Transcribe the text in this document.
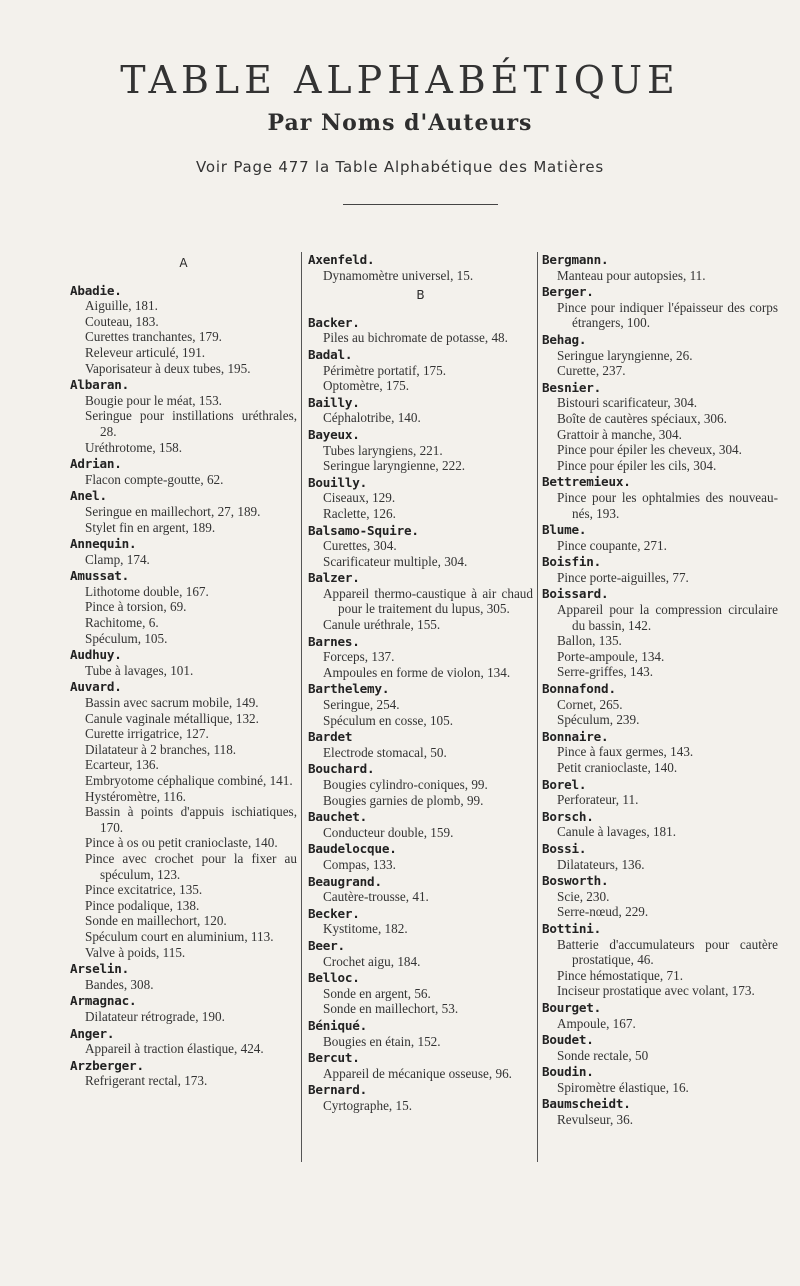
TABLE ALPHABÉTIQUE
Par Noms d'Auteurs
Voir Page 477 la Table Alphabétique des Matières
A
Abadie.
Aiguille, 181.
Couteau, 183.
Curettes tranchantes, 179.
Releveur articulé, 191.
Vaporisateur à deux tubes, 195.
Albaran.
Bougie pour le méat, 153.
Seringue pour instillations uréthrales, 28.
Uréthrotome, 158.
Adrian.
Flacon compte-goutte, 62.
Anel.
Seringue en maillechort, 27, 189.
Stylet fin en argent, 189.
Annequin.
Clamp, 174.
Amussat.
Lithotome double, 167.
Pince à torsion, 69.
Rachitome, 6.
Spéculum, 105.
Audhuy.
Tube à lavages, 101.
Auvard.
Bassin avec sacrum mobile, 149.
Canule vaginale métallique, 132.
Curette irrigatrice, 127.
Dilatateur à 2 branches, 118.
Ecarteur, 136.
Embryotome céphalique combiné, 141.
Hystéromètre, 116.
Bassin à points d'appuis ischiatiques, 170.
Pince à os ou petit cranioclaste, 140.
Pince avec crochet pour la fixer au spéculum, 123.
Pince excitatrice, 135.
Pince podalique, 138.
Sonde en maillechort, 120.
Spéculum court en aluminium, 113.
Valve à poids, 115.
Arselin.
Bandes, 308.
Armagnac.
Dilatateur rétrograde, 190.
Anger.
Appareil à traction élastique, 424.
Arzberger.
Refrigerant rectal, 173.
Axenfeld.
Dynamomètre universel, 15.
B
Backer.
Piles au bichromate de potasse, 48.
Badal.
Périmètre portatif, 175.
Optomètre, 175.
Bailly.
Céphalotribe, 140.
Bayeux.
Tubes laryngiens, 221.
Seringue laryngienne, 222.
Bouilly.
Ciseaux, 129.
Raclette, 126.
Balsamo-Squire.
Curettes, 304.
Scarificateur multiple, 304.
Balzer.
Appareil thermo-caustique à air chaud pour le traitement du lupus, 305.
Canule uréthrale, 155.
Barnes.
Forceps, 137.
Ampoules en forme de violon, 134.
Barthelemy.
Seringue, 254.
Spéculum en cosse, 105.
Bardet
Electrode stomacal, 50.
Bouchard.
Bougies cylindro-coniques, 99.
Bougies garnies de plomb, 99.
Bauchet.
Conducteur double, 159.
Baudelocque.
Compas, 133.
Beaugrand.
Cautère-trousse, 41.
Becker.
Kystitome, 182.
Beer.
Crochet aigu, 184.
Belloc.
Sonde en argent, 56.
Sonde en maillechort, 53.
Béniqué.
Bougies en étain, 152.
Bercut.
Appareil de mécanique osseuse, 96.
Bernard.
Cyrtographe, 15.
Bergmann.
Manteau pour autopsies, 11.
Berger.
Pince pour indiquer l'épaisseur des corps étrangers, 100.
Behag.
Seringue laryngienne, 26.
Curette, 237.
Besnier.
Bistouri scarificateur, 304.
Boîte de cautères spéciaux, 306.
Grattoir à manche, 304.
Pince pour épiler les cheveux, 304.
Pince pour épiler les cils, 304.
Bettremieux.
Pince pour les ophtalmies des nouveau-nés, 193.
Blume.
Pince coupante, 271.
Boisfin.
Pince porte-aiguilles, 77.
Boissard.
Appareil pour la compression circulaire du bassin, 142.
Ballon, 135.
Porte-ampoule, 134.
Serre-griffes, 143.
Bonnafond.
Cornet, 265.
Spéculum, 239.
Bonnaire.
Pince à faux germes, 143.
Petit cranioclaste, 140.
Borel.
Perforateur, 11.
Borsch.
Canule à lavages, 181.
Bossi.
Dilatateurs, 136.
Bosworth.
Scie, 230.
Serre-nœud, 229.
Bottini.
Batterie d'accumulateurs pour cautère prostatique, 46.
Pince hémostatique, 71.
Inciseur prostatique avec volant, 173.
Bourget.
Ampoule, 167.
Boudet.
Sonde rectale, 50
Boudin.
Spiromètre élastique, 16.
Baumscheidt.
Revulseur, 36.
